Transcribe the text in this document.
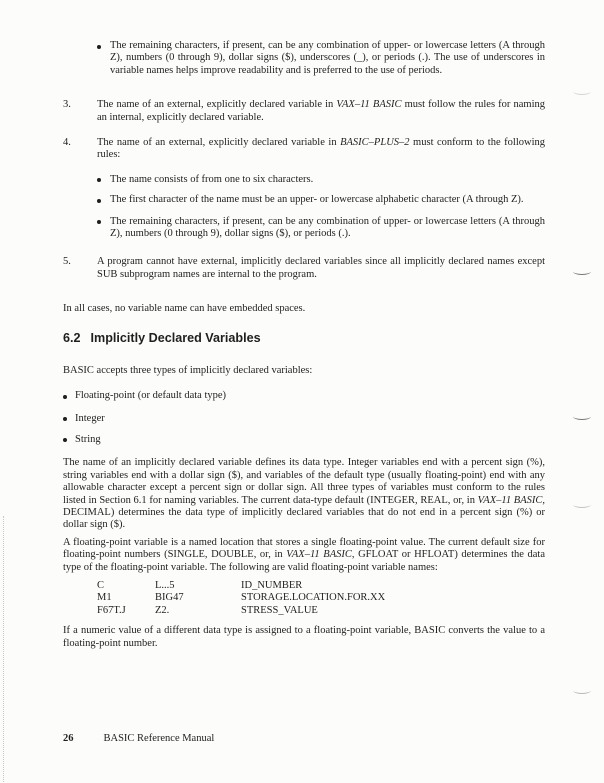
The remaining characters, if present, can be any combination of upper- or lowercase letters (A through Z), numbers (0 through 9), dollar signs ($), underscores (_), or periods (.). The use of underscores in variable names helps improve readability and is preferred to the use of periods.

3.	The name of an external, explicitly declared variable in VAX–11 BASIC must follow the rules for naming an internal, explicitly declared variable.

4.	The name of an external, explicitly declared variable in BASIC–PLUS–2 must conform to the following rules:

The name consists of from one to six characters.

The first character of the name must be an upper- or lowercase alphabetic character (A through Z).

The remaining characters, if present, can be any combination of upper- or lowercase letters (A through Z), numbers (0 through 9), dollar signs ($), or periods (.).

5.	A program cannot have external, implicitly declared variables since all implicitly declared names except SUB subprogram names are internal to the program.

In all cases, no variable name can have embedded spaces.

6.2 Implicitly Declared Variables

BASIC accepts three types of implicitly declared variables:

Floating-point (or default data type)

Integer

String

The name of an implicitly declared variable defines its data type. Integer variables end with a percent sign (%), string variables end with a dollar sign ($), and variables of the default type (usually floating-point) end with any allowable character except a percent sign or dollar sign. All three types of variables must conform to the rules listed in Section 6.1 for naming variables. The current data-type default (INTEGER, REAL, or, in VAX–11 BASIC, DECIMAL) determines the data type of implicitly declared variables that do not end in a percent sign (%) or dollar sign ($).

A floating-point variable is a named location that stores a single floating-point value. The current default size for floating-point numbers (SINGLE, DOUBLE, or, in VAX–11 BASIC, GFLOAT or HFLOAT) determines the data type of the floating-point variable. The following are valid floating-point variable names:

C	L...5	ID_NUMBER
M1	BIG47	STORAGE.LOCATION.FOR.XX
F67T.J	Z2.	STRESS_VALUE

If a numeric value of a different data type is assigned to a floating-point variable, BASIC converts the value to a floating-point number.

26	BASIC Reference Manual
